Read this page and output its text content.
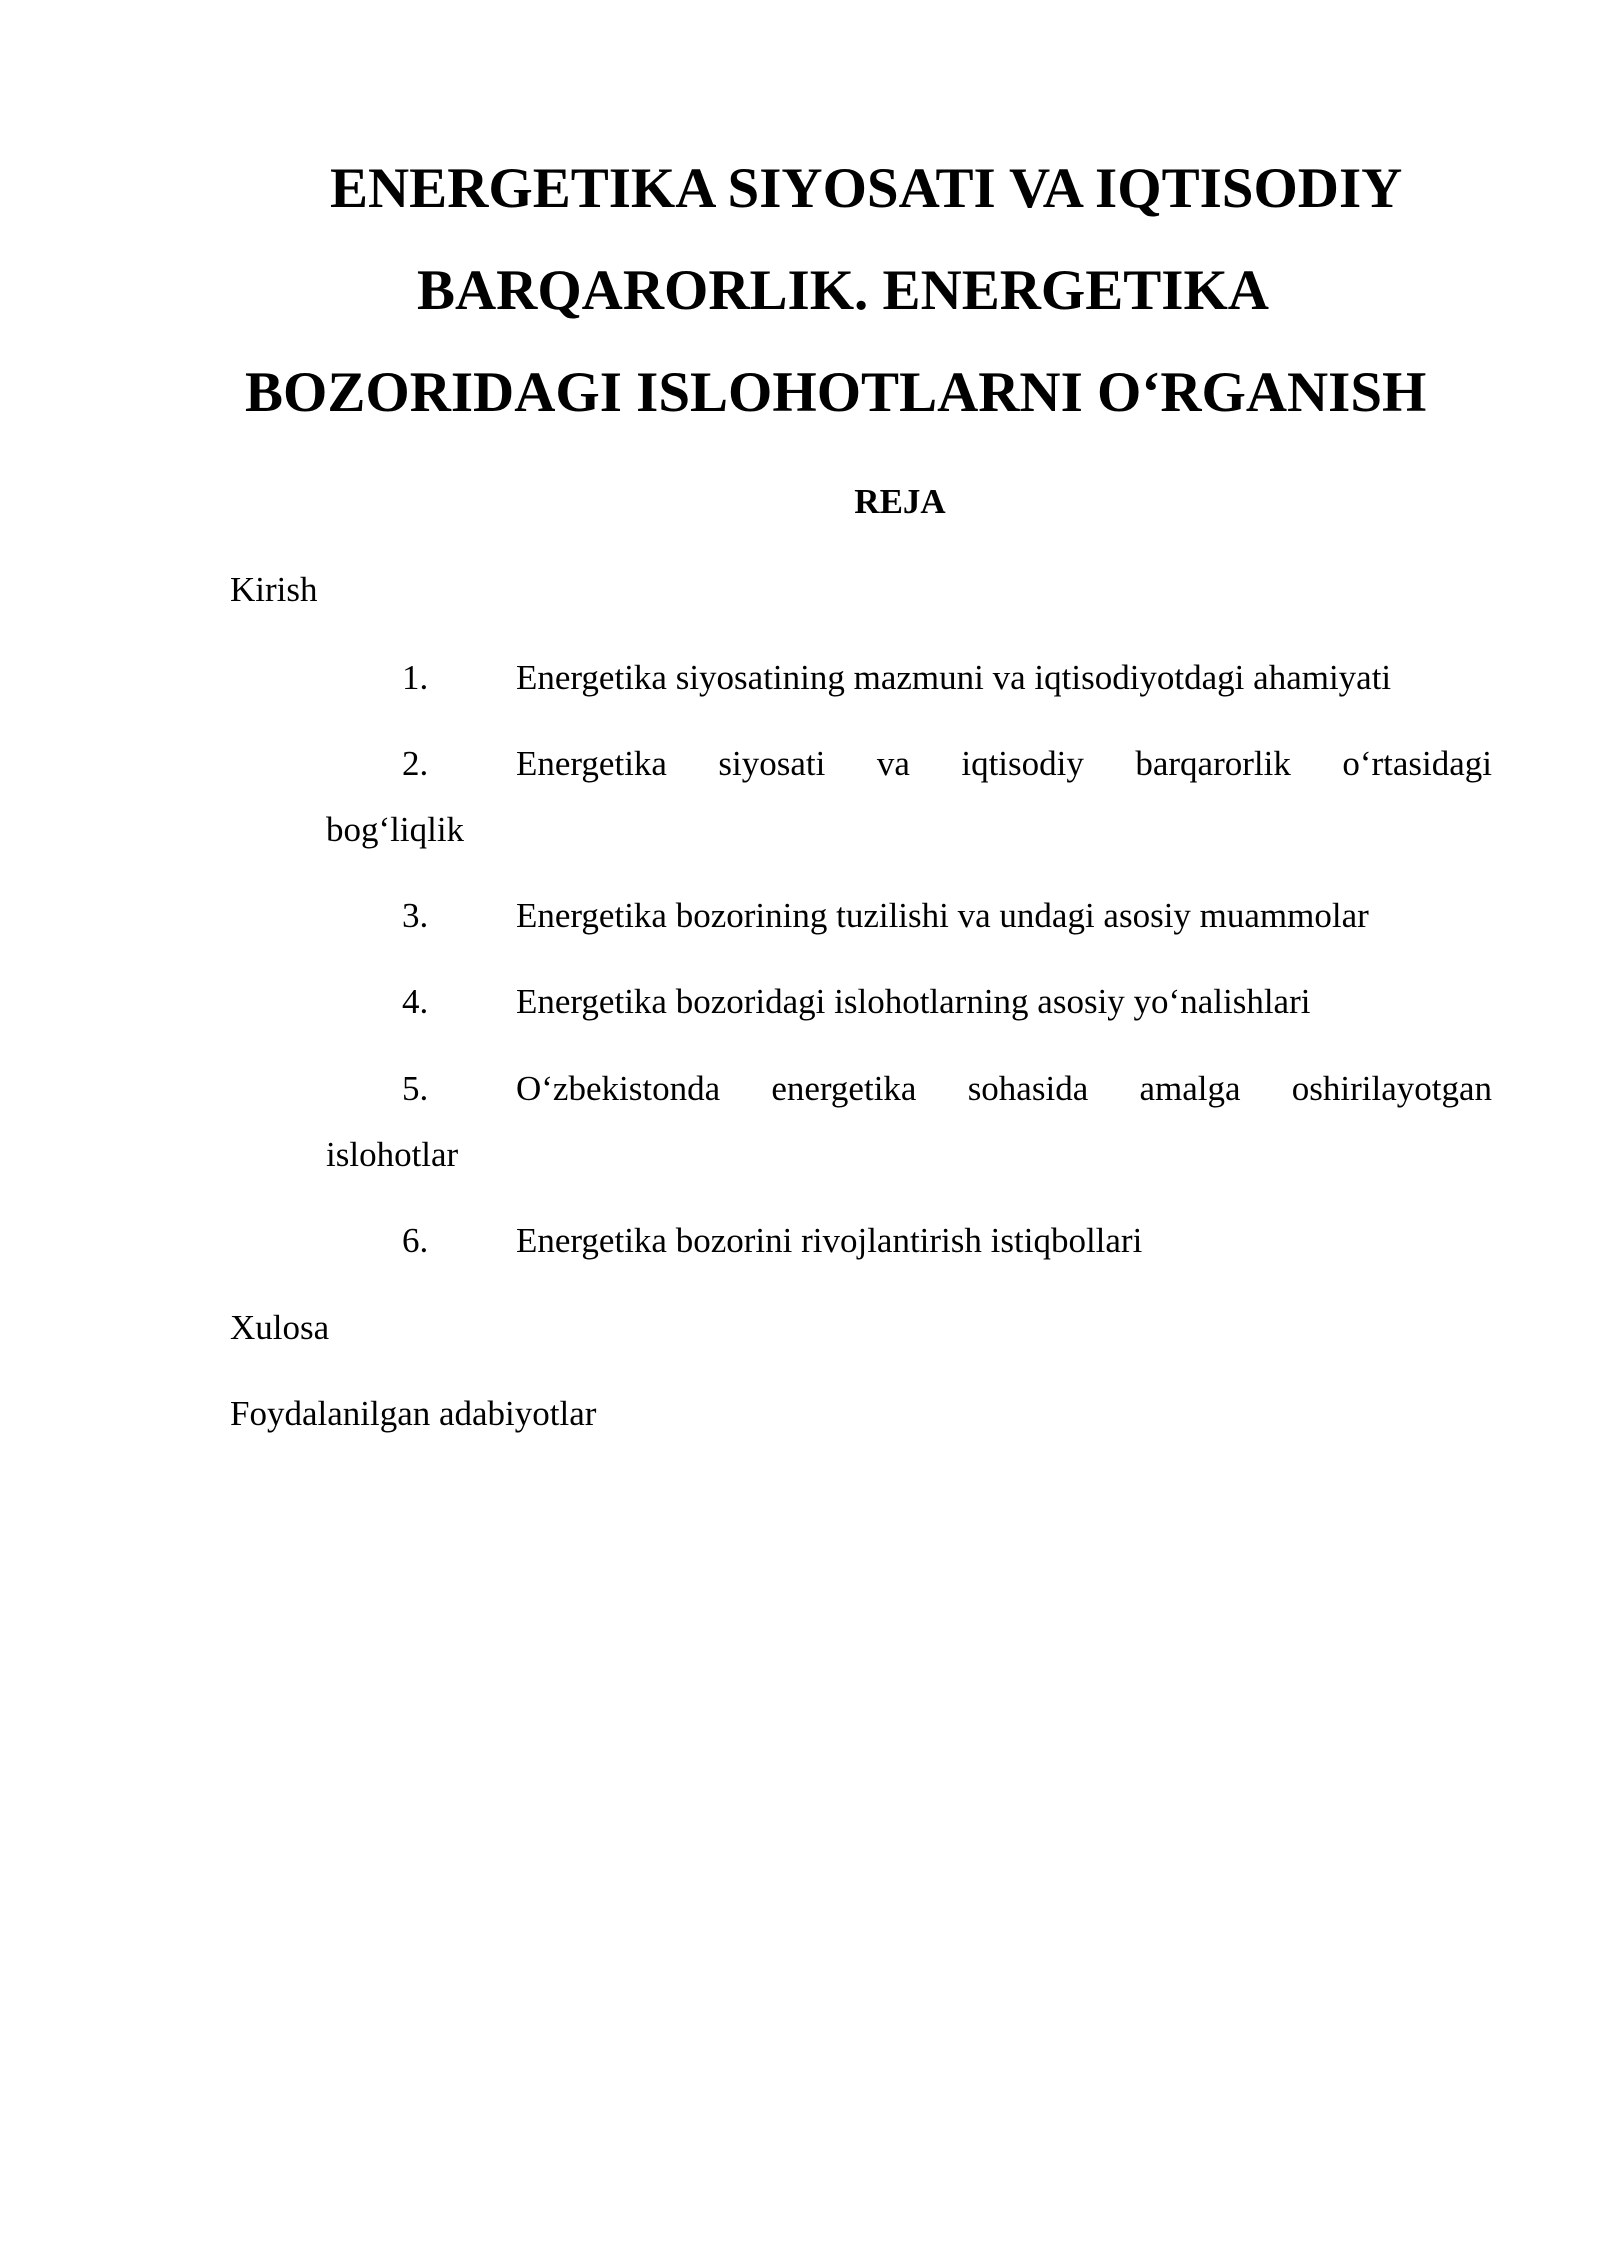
ENERGETIKA SIYOSATI VA IQTISODIY
BARQARORLIK. ENERGETIKA
BOZORIDAGI ISLOHOTLARNI O‘RGANISH
REJA
Kirish
1.	Energetika siyosatining mazmuni va iqtisodiyotdagi ahamiyati
2.	Energetika siyosati va iqtisodiy barqarorlik o‘rtasidagi
bog‘liqlik
3.	Energetika bozorining tuzilishi va undagi asosiy muammolar
4.	Energetika bozoridagi islohotlarning asosiy yo‘nalishlari
5.	O‘zbekistonda energetika sohasida amalga oshirilayotgan
islohotlar
6.	Energetika bozorini rivojlantirish istiqbollari
Xulosa
Foydalanilgan adabiyotlar
